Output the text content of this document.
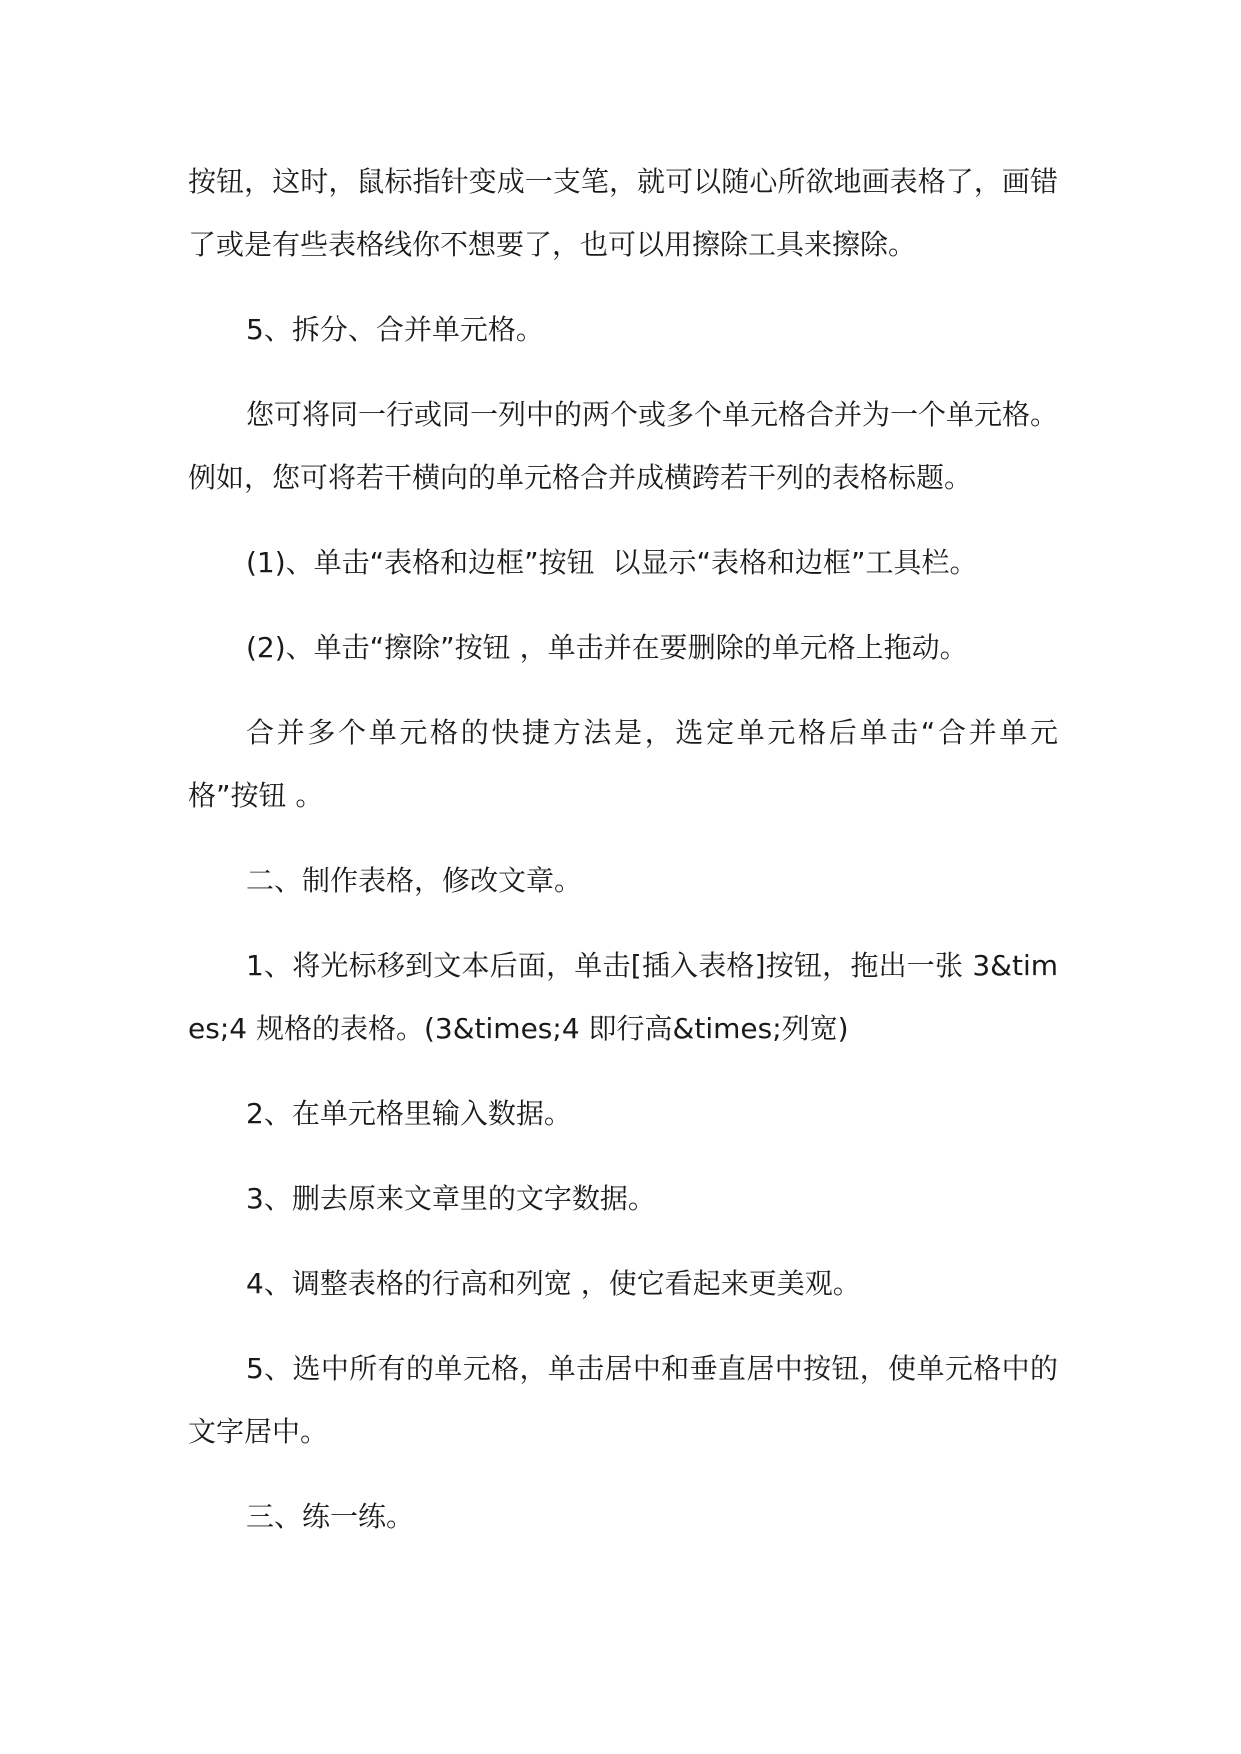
按钮，这时，鼠标指针变成一支笔，就可以随心所欲地画表格了，画错了或是有些表格线你不想要了，也可以用擦除工具来擦除。

5、拆分、合并单元格。

您可将同一行或同一列中的两个或多个单元格合并为一个单元格。例如，您可将若干横向的单元格合并成横跨若干列的表格标题。

(1)、单击“表格和边框”按钮  以显示“表格和边框”工具栏。

(2)、单击“擦除”按钮 ，单击并在要删除的单元格上拖动。

合并多个单元格的快捷方法是，选定单元格后单击“合并单元格”按钮 。

二、制作表格，修改文章。

1、将光标移到文本后面，单击[插入表格]按钮，拖出一张 3&times;4 规格的表格。(3&times;4 即行高&times;列宽)

2、在单元格里输入数据。

3、删去原来文章里的文字数据。

4、调整表格的行高和列宽 ，使它看起来更美观。

5、选中所有的单元格，单击居中和垂直居中按钮，使单元格中的文字居中。

三、练一练。
